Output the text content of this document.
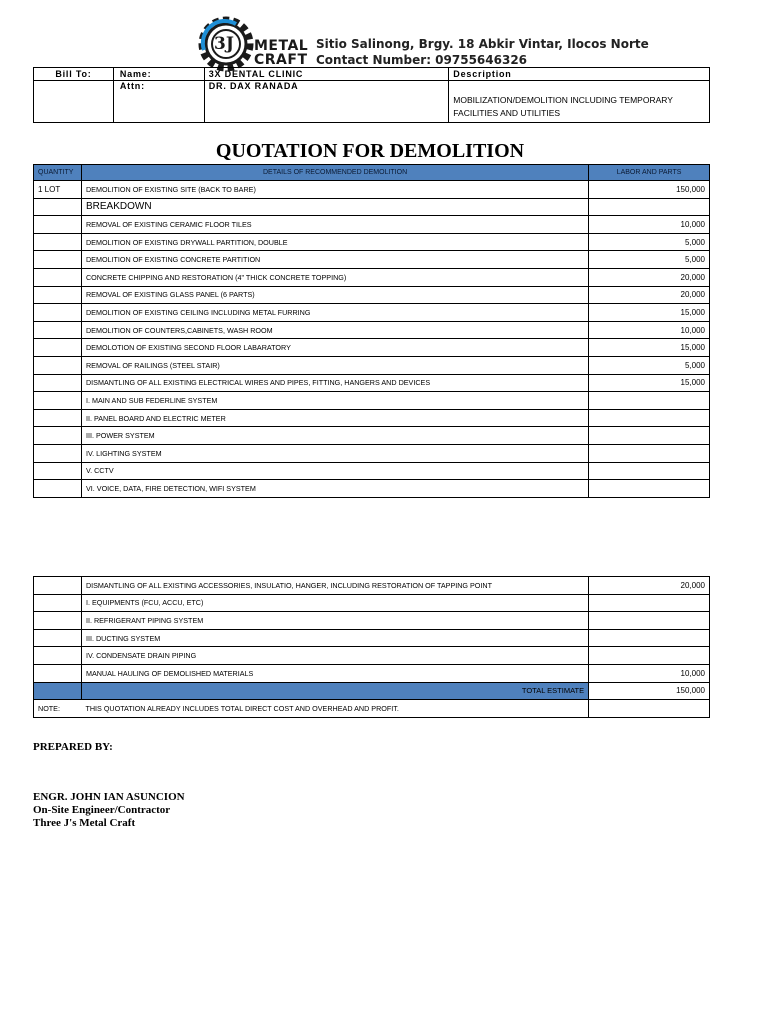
3J METAL
CRAFT
Sitio Salinong, Brgy. 18 Abkir Vintar, Ilocos Norte
Contact Number: 09755646326
Bill To:	Name:	3X DENTAL CLINIC	Description
	Attn:	DR. DAX RANADA	MOBILIZATION/DEMOLITION INCLUDING TEMPORARY
FACILITIES AND UTILITIES
QUOTATION FOR DEMOLITION
QUANTITY	DETAILS OF RECOMMENDED DEMOLITION	LABOR AND PARTS
1 LOT	DEMOLITION OF EXISTING SITE (BACK TO BARE)	150,000
	BREAKDOWN	
	REMOVAL OF EXISTING CERAMIC FLOOR TILES	10,000
	DEMOLITION OF EXISTING DRYWALL PARTITION, DOUBLE	5,000
	DEMOLITION OF EXISTING CONCRETE PARTITION	5,000
	CONCRETE CHIPPING AND RESTORATION (4" THICK CONCRETE TOPPING)	20,000
	REMOVAL OF EXISTING GLASS PANEL (6 PARTS)	20,000
	DEMOLITION OF EXISTING CEILING INCLUDING METAL FURRING	15,000
	DEMOLITION OF COUNTERS,CABINETS, WASH ROOM	10,000
	DEMOLOTION OF EXISTING SECOND FLOOR LABARATORY	15,000
	REMOVAL OF RAILINGS (STEEL STAIR)	5,000
	DISMANTLING OF ALL EXISTING ELECTRICAL WIRES AND PIPES, FITTING, HANGERS AND DEVICES	15,000
	I. MAIN AND SUB FEDERLINE SYSTEM	
	II. PANEL BOARD AND ELECTRIC METER	
	III. POWER SYSTEM	
	IV. LIGHTING SYSTEM	
	V. CCTV	
	VI. VOICE, DATA, FIRE DETECTION, WIFI SYSTEM	
	DISMANTLING OF ALL EXISTING ACCESSORIES, INSULATIO, HANGER, INCLUDING RESTORATION OF TAPPING POINT	20,000
	I. EQUIPMENTS (FCU, ACCU, ETC)	
	II. REFRIGERANT PIPING SYSTEM	
	III. DUCTING SYSTEM	
	IV. CONDENSATE DRAIN PIPING	
	MANUAL HAULING OF DEMOLISHED MATERIALS	10,000
	TOTAL ESTIMATE	150,000
NOTE:	THIS QUOTATION ALREADY INCLUDES TOTAL DIRECT COST AND OVERHEAD AND PROFIT.	
PREPARED BY:
ENGR. JOHN IAN ASUNCION
On-Site Engineer/Contractor
Three J's Metal Craft
